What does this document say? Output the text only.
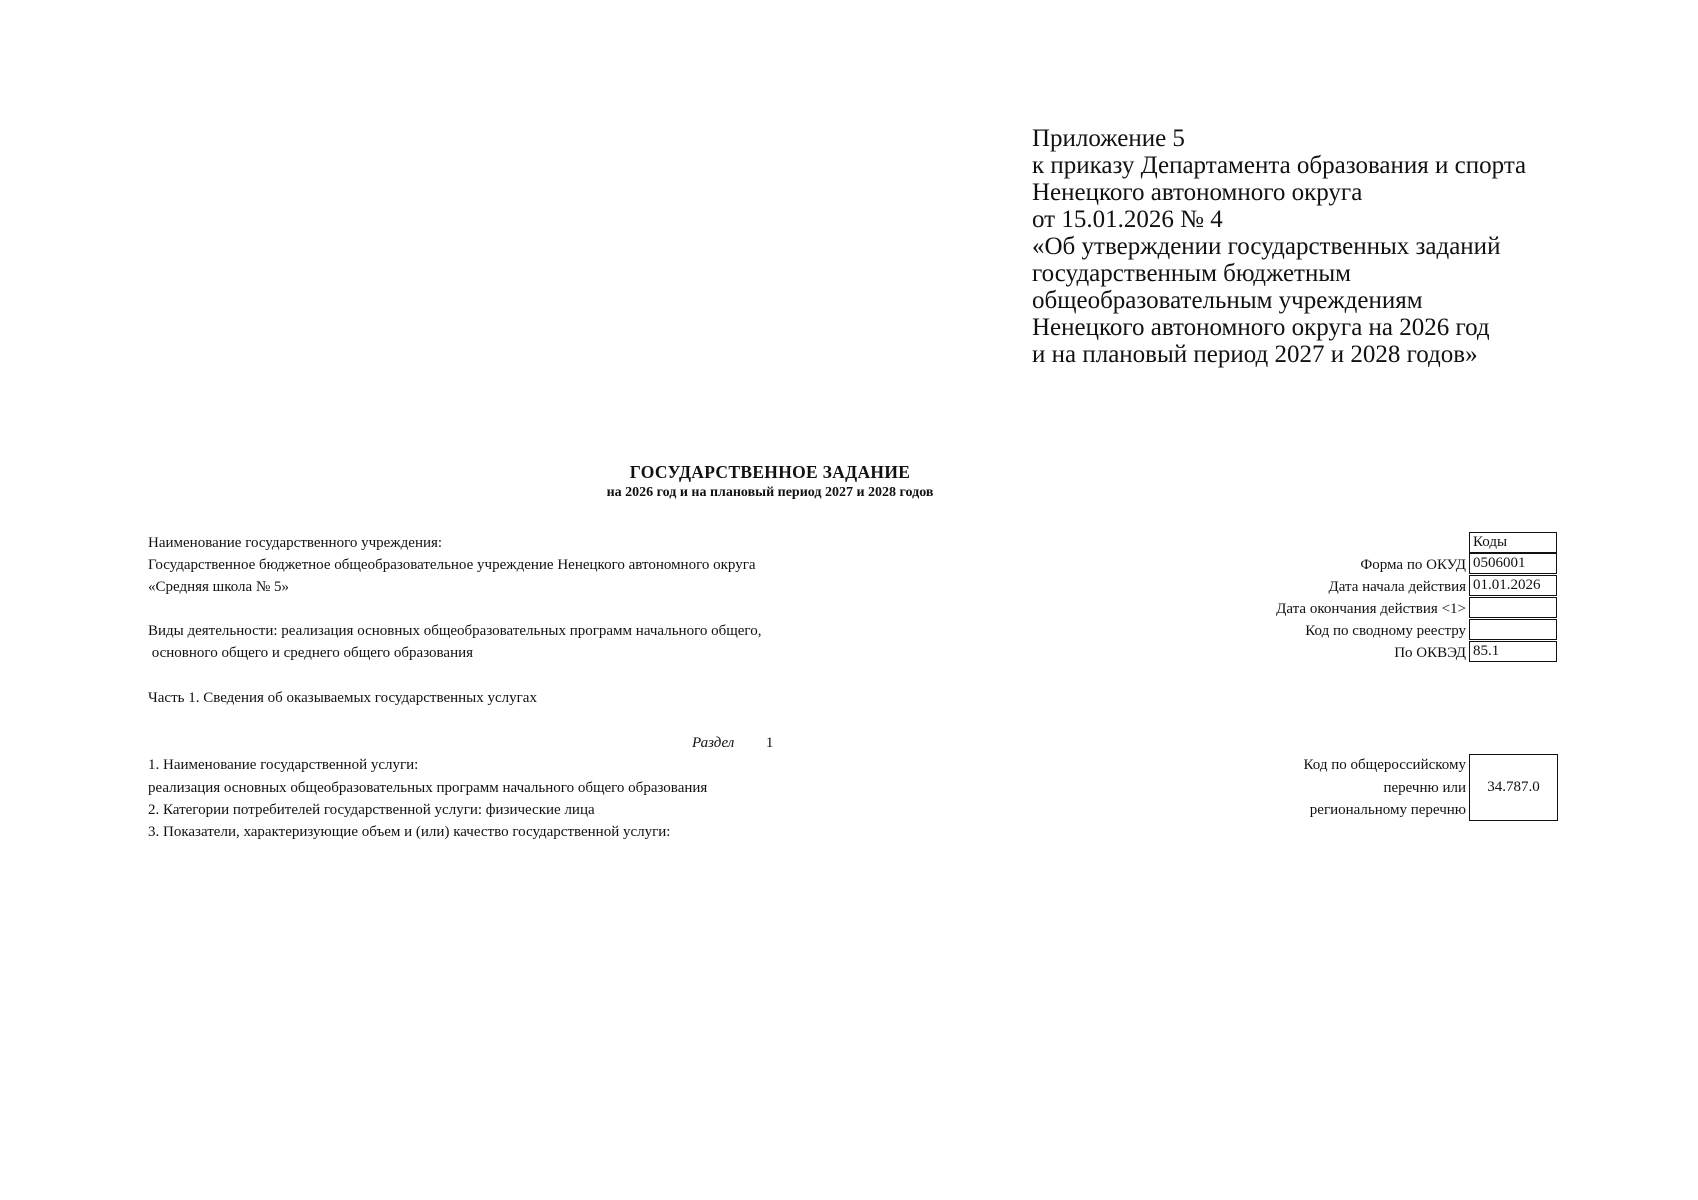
Приложение 5
к приказу Департамента образования и спорта
Ненецкого автономного округа
от 15.01.2026 № 4
«Об утверждении государственных заданий
государственным бюджетным
общеобразовательным учреждениям
Ненецкого автономного округа на 2026 год
и на плановый период 2027 и 2028 годов»
ГОСУДАРСТВЕННОЕ ЗАДАНИЕ
на 2026 год и на плановый период 2027 и 2028 годов
Наименование государственного учреждения:
Государственное бюджетное общеобразовательное учреждение Ненецкого автономного округа
«Средняя школа № 5»
Виды деятельности: реализация основных общеобразовательных программ начального общего,
основного общего и среднего общего образования
Коды
Форма по ОКУД 0506001
Дата начала действия 01.01.2026
Дата окончания действия <1>
Код по сводному реестру
По ОКВЭД 85.1
Часть 1. Сведения об оказываемых государственных услугах
Раздел 1
1. Наименование государственной услуги:
реализация основных общеобразовательных программ начального общего образования
2. Категории потребителей государственной услуги: физические лица
3. Показатели, характеризующие объем и (или) качество государственной услуги:
Код по общероссийскому
перечню или
региональному перечню
34.787.0
